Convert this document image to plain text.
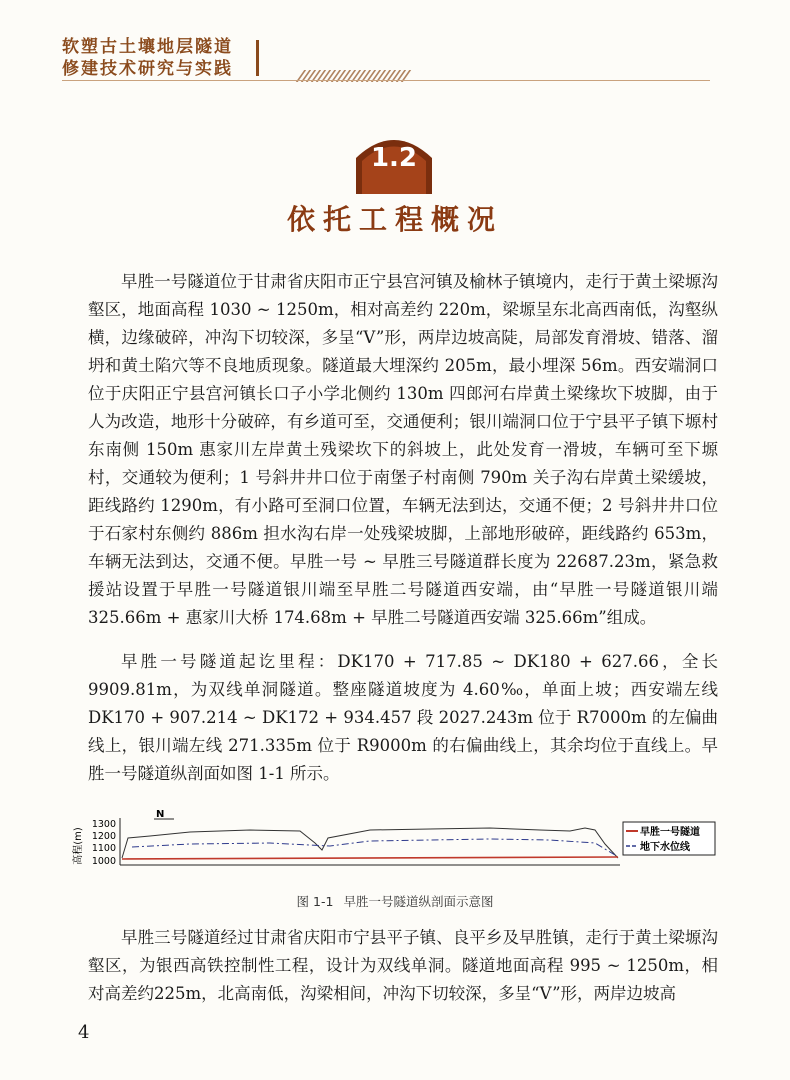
软塑古土壤地层隧道
修建技术研究与实践
1.2
依托工程概况

早胜一号隧道位于甘肃省庆阳市正宁县宫河镇及榆林子镇境内，走行于黄土梁塬沟壑区，地面高程 1030 ~ 1250m，相对高差约 220m，梁塬呈东北高西南低，沟壑纵横，边缘破碎，冲沟下切较深，多呈“V”形，两岸边坡高陡，局部发育滑坡、错落、溜坍和黄土陷穴等不良地质现象。隧道最大埋深约 205m，最小埋深 56m。西安端洞口位于庆阳正宁县宫河镇长口子小学北侧约 130m 四郎河右岸黄土梁缘坎下坡脚，由于人为改造，地形十分破碎，有乡道可至，交通便利；银川端洞口位于宁县平子镇下塬村东南侧 150m 惠家川左岸黄土残梁坎下的斜坡上，此处发育一滑坡，车辆可至下塬村，交通较为便利；1 号斜井井口位于南堡子村南侧 790m 关子沟右岸黄土梁缓坡，距线路约 1290m，有小路可至洞口位置，车辆无法到达，交通不便；2 号斜井井口位于石家村东侧约 886m 担水沟右岸一处残梁坡脚，上部地形破碎，距线路约 653m，车辆无法到达，交通不便。早胜一号 ~ 早胜三号隧道群长度为 22687.23m，紧急救援站设置于早胜一号隧道银川端至早胜二号隧道西安端，由“早胜一号隧道银川端 325.66m + 惠家川大桥 174.68m + 早胜二号隧道西安端 325.66m”组成。

早胜一号隧道起讫里程：DK170 + 717.85 ~ DK180 + 627.66，全长 9909.81m，为双线单洞隧道。整座隧道坡度为 4.60‰，单面上坡；西安端左线 DK170 + 907.214 ~ DK172 + 934.457 段 2027.243m 位于 R7000m 的左偏曲线上，银川端左线 271.335m 位于 R9000m 的右偏曲线上，其余均位于直线上。早胜一号隧道纵剖面如图 1-1 所示。

高程(m)
1300
1200
1100
1000
N
早胜一号隧道
地下水位线
图 1-1 早胜一号隧道纵剖面示意图

早胜三号隧道经过甘肃省庆阳市宁县平子镇、良平乡及早胜镇，走行于黄土梁塬沟壑区，为银西高铁控制性工程，设计为双线单洞。隧道地面高程 995 ~ 1250m，相对高差约225m，北高南低，沟梁相间，冲沟下切较深，多呈“V”形，两岸边坡高

4
